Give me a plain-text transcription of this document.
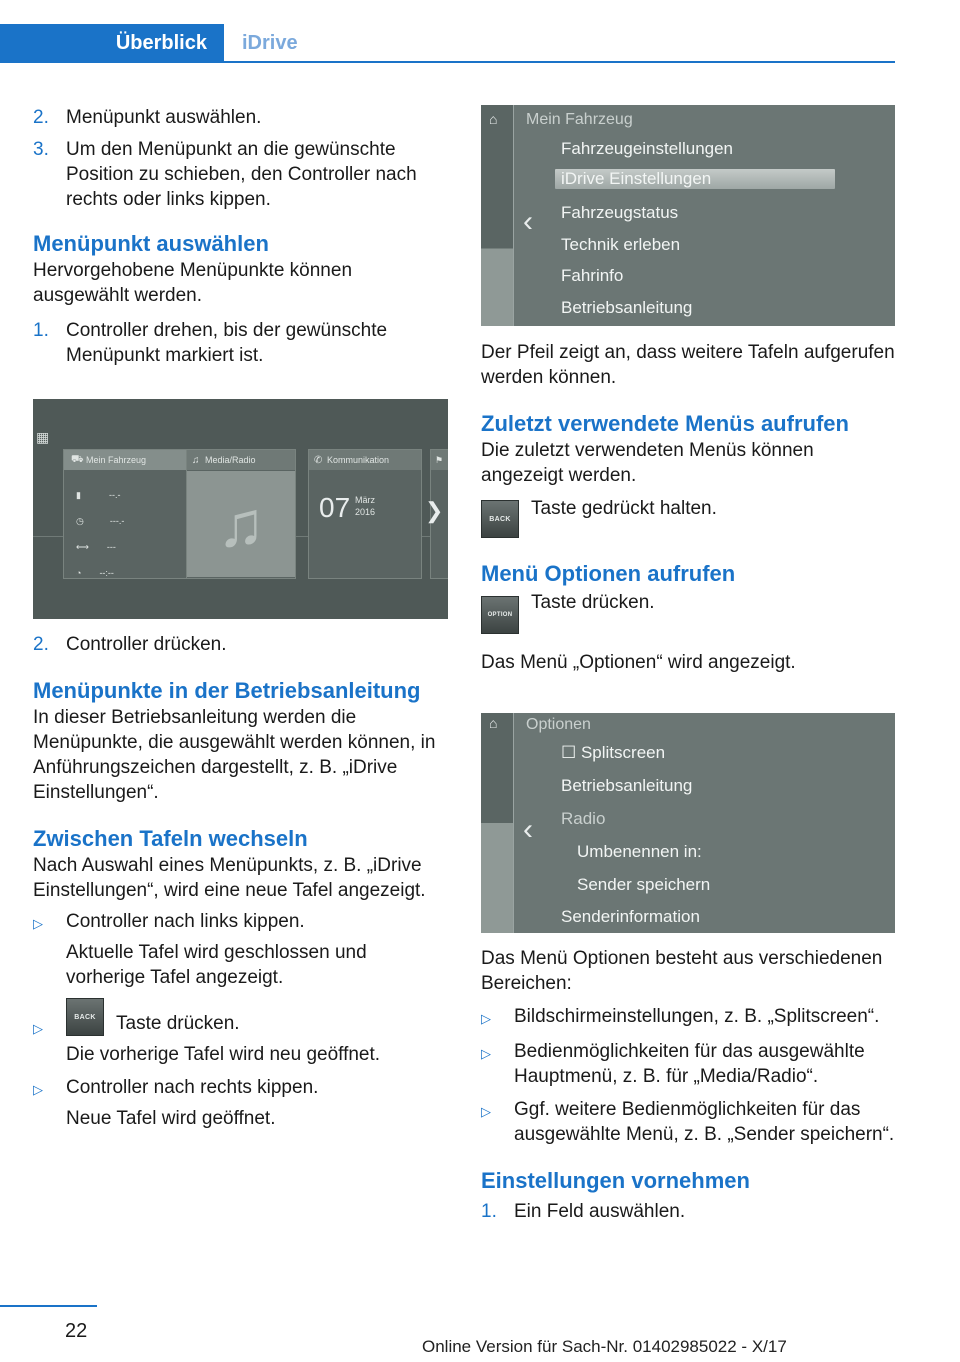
Überblick	iDrive
2. Menüpunkt auswählen.
3. Um den Menüpunkt an die gewünschte Position zu schieben, den Controller nach rechts oder links kippen.
Menüpunkt auswählen
Hervorgehobene Menüpunkte können ausgewählt werden.
1. Controller drehen, bis der gewünschte Menüpunkt markiert ist.
▦
⛟ Mein Fahrzeug
▮	--.-
◷	---.-
⟷ ---
◔ --:--
♫ Media/Radio
♫
✆ Kommunikation
07 März
2016
⚑
❯
2. Controller drücken.
Menüpunkte in der Betriebsanleitung
In dieser Betriebsanleitung werden die Menüpunkte, die ausgewählt werden können, in Anführungszeichen dargestellt, z. B. „iDrive Einstellungen“.
Zwischen Tafeln wechseln
Nach Auswahl eines Menüpunkts, z. B. „iDrive Einstellungen“, wird eine neue Tafel angezeigt.
▷	Controller nach links kippen.
Aktuelle Tafel wird geschlossen und vorherige Tafel angezeigt.
▷
BACK	Taste drücken.
Die vorherige Tafel wird neu geöffnet.
▷	Controller nach rechts kippen.
Neue Tafel wird geöffnet.
⌂ Mein Fahrzeug
‹
Fahrzeugeinstellungen
iDrive Einstellungen
Fahrzeugstatus
Technik erleben
Fahrinfo
Betriebsanleitung
Der Pfeil zeigt an, dass weitere Tafeln aufgerufen werden können.
Zuletzt verwendete Menüs aufrufen
Die zuletzt verwendeten Menüs können angezeigt werden.
BACK	Taste gedrückt halten.
Menü Optionen aufrufen
OPTION
Taste drücken.
Das Menü „Optionen“ wird angezeigt.
⌂ Optionen
‹
☐ Splitscreen
Betriebsanleitung
Radio
Umbenennen in:
Sender speichern
Senderinformation
Das Menü Optionen besteht aus verschiedenen Bereichen:
▷	Bildschirmeinstellungen, z. B. „Splitscreen“.
▷	Bedienmöglichkeiten für das ausgewählte Hauptmenü, z. B. für „Media/Radio“.
▷	Ggf. weitere Bedienmöglichkeiten für das ausgewählte Menü, z. B. „Sender speichern“.
Einstellungen vornehmen
1. Ein Feld auswählen.
22
Online Version für Sach-Nr. 01402985022 - X/17
